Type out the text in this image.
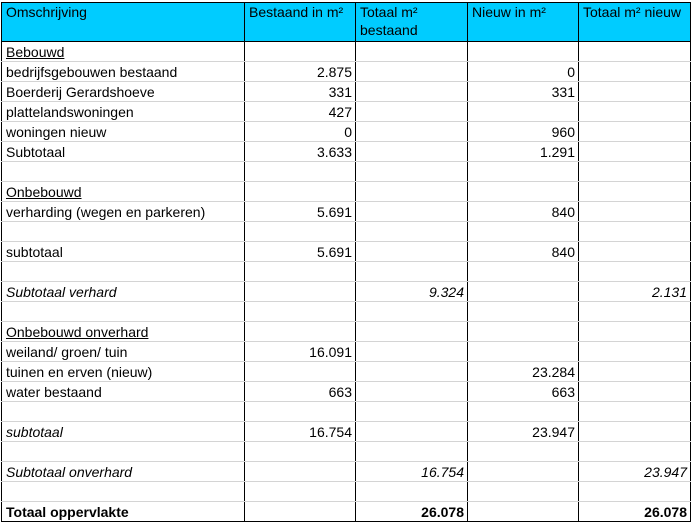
Omschrijving	Bestaand in m²	Totaal m² bestaand	Nieuw in m²	Totaal m² nieuw
Bebouwd				
bedrijfsgebouwen bestaand	2.875		0	
Boerderij Gerardshoeve	331		331	
plattelandswoningen	427			
woningen nieuw	0		960	
Subtotaal	3.633		1.291	

Onbebouwd				
verharding (wegen en parkeren)	5.691		840	

subtotaal	5.691		840	

Subtotaal verhard		9.324		2.131

Onbebouwd onverhard				
weiland/ groen/ tuin	16.091			
tuinen en erven (nieuw)			23.284	
water bestaand	663		663	

subtotaal	16.754		23.947	

Subtotaal onverhard		16.754		23.947

Totaal oppervlakte		26.078		26.078
